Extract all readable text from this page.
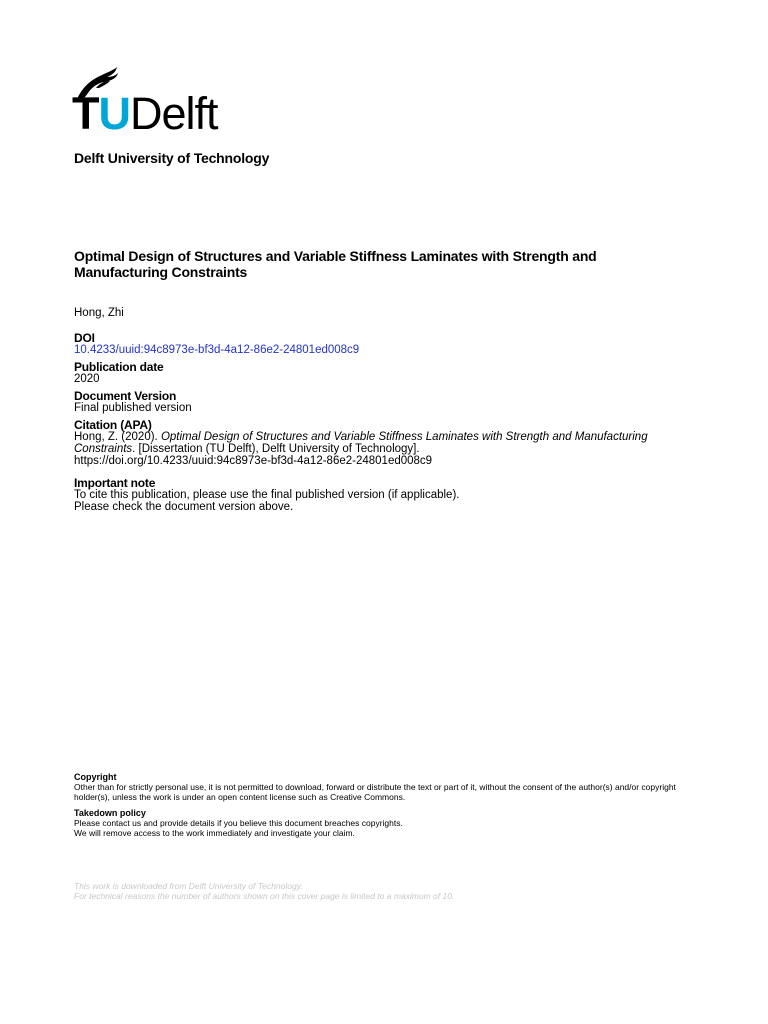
TUDelft
Delft University of Technology
Optimal Design of Structures and Variable Stiffness Laminates with Strength and Manufacturing Constraints
Hong, Zhi
DOI
10.4233/uuid:94c8973e-bf3d-4a12-86e2-24801ed008c9
Publication date
2020
Document Version
Final published version
Citation (APA)
Hong, Z. (2020). Optimal Design of Structures and Variable Stiffness Laminates with Strength and Manufacturing Constraints. [Dissertation (TU Delft), Delft University of Technology].
https://doi.org/10.4233/uuid:94c8973e-bf3d-4a12-86e2-24801ed008c9
Important note
To cite this publication, please use the final published version (if applicable).
Please check the document version above.
Copyright
Other than for strictly personal use, it is not permitted to download, forward or distribute the text or part of it, without the consent of the author(s) and/or copyright holder(s), unless the work is under an open content license such as Creative Commons.
Takedown policy
Please contact us and provide details if you believe this document breaches copyrights.
We will remove access to the work immediately and investigate your claim.
This work is downloaded from Delft University of Technology.
For technical reasons the number of authors shown on this cover page is limited to a maximum of 10.
